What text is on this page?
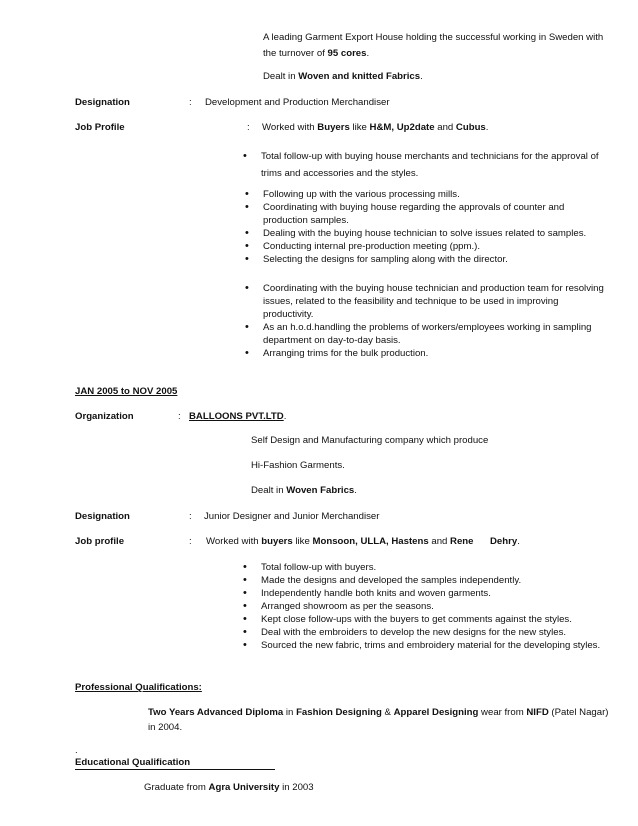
A leading Garment Export House holding the successful working in Sweden with
the turnover of 95 cores.
Dealt in Woven and knitted Fabrics.
Designation	: Development and Production Merchandiser
Job Profile	: Worked with Buyers like H&M, Up2date and Cubus.
• Total follow-up with buying house merchants and technicians for the approval of trims and accessories and the styles.
• Following up with the various processing mills.
• Coordinating with buying house regarding the approvals of counter and production samples.
• Dealing with the buying house technician to solve issues related to samples.
• Conducting internal pre-production meeting (ppm.).
• Selecting the designs for sampling along with the director.
• Coordinating with the buying house technician and production team for resolving issues, related to the feasibility and technique to be used in improving productivity.
• As an h.o.d.handling the problems of workers/employees working in sampling department on day-to-day basis.
• Arranging trims for the bulk production.
JAN 2005 to NOV 2005
Organization	: BALLOONS PVT.LTD.
Self Design and Manufacturing company which produce
Hi-Fashion Garments.
Dealt in Woven Fabrics.
Designation	: Junior Designer and Junior Merchandiser
Job profile	: Worked with buyers like Monsoon, ULLA, Hastens and Rene Dehry.
• Total follow-up with buyers.
• Made the designs and developed the samples independently.
• Independently handle both knits and woven garments.
• Arranged showroom as per the seasons.
• Kept close follow-ups with the buyers to get comments against the styles.
• Deal with the embroiders to develop the new designs for the new styles.
• Sourced the new fabric, trims and embroidery material for the developing styles.
Professional Qualifications:
Two Years Advanced Diploma in Fashion Designing & Apparel Designing wear from NIFD (Patel Nagar)
in 2004.
.
Educational Qualification
Graduate from Agra University in 2003
